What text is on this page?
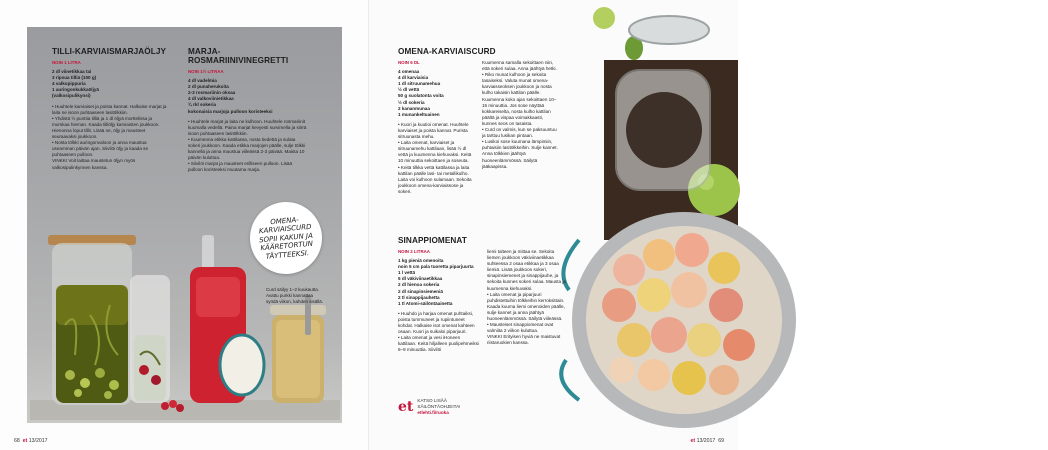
TILLI-KARVIAISMARJAÖLJY
NOIN 1 LITRA
2 dl viinetikkaa tai
3 ripsua tilliä (100 g)
4 valkopippuria
1 auringonkukkaöljyä
(valkosipulikynsi)

• Huuhtele karviaiset ja poista kannat. Halkaise marjat ja laita ne isoon puhtaaseen lasitölkkiin.

• Yhdistä ½ punttia tilliä ja 1 dl öljyä morttelissa ja murskaa hieman. Kaada tilliöljy karviaisten joukkoon. Hienonna loput tillit. Lisää ne, öljy ja mausteet seuraavaksi joukkoon.

• Nosta tölkki auringonvaloon ja anna maustua useamman päivän ajan. Siivilöi öljy ja kaada se puhtaaseen pulloon.

VINKKI Voit laittaa maustetun öljyn myös valkosipulinkynnen kanssa.

MARJA-ROSMARIINIVINEGRETTI
NOIN 1½ LITRAA
4 dl vadelmia
2 dl punaherukoita
2-3 rosmariinin oksaa
4 dl valkoviinietikkaa
¾ rkl sokeria
kokonaisia marjoja pulloon koristeeksi

• Huuhtele marjat ja laita ne kulhoon. Huuhtele rosmariinit kuumalla vedellä. Paina marjat kevyesti survimella ja siirrä isoon puhtaaseen lasitölkkiin.

• Kuumenna etikka kattilassa, nosta tiedettä ja sulata sokeri joukkoon. Kaada etikka marjojen päälle, sulje tölkki kannella ja anna maustua viileässä 2-3 päivää. Maista 10 päivän kuluttua.

• Siivilöi marjat ja mausteet erilliseen pulloon. Lisää pulloon koristeeksi muutama marja.

OMENA-KARVIAISCURD SOPII KAKUN JA KÄÄRETORTUN TÄYTTEEKSI.
Curd säilyy 1–2 kuukautta. Avattu purkki kannattaa syödä viikon, kahden sisällä.
68 et 13/2017
Tarjoile sinappiomenat liha- ja kalaruokien tai kasvisruokien lisukkeena.
OMENA-KARVIAISCURD
NOIN 6 DL
4 omenaa
4 dl karviaisia
1 dl sitruunamehua
½ dl vettä
50 g suolatonta voita
½ dl sokeria
2 kananmunaa
1 munankeltuainen

• Kuori ja kuutioi omenat. Huuhtele karviaiset ja poista kannat. Purista sitruunasta mehu.

• Laita omenat, karviaiset ja sitruunamehu kattilaan, lisää ½ dl vettä ja kuumenna kiehuvaksi. Keitä 10 minuuttia sekoittaen ja soseuta.

• Keitä tilkka vettä kattilassa ja laita kattilan päälle lasi- tai metallikulho. Laita voi kulhoon sulamaan. Sekoita joukkoon omena-karviaissose ja sokeri.

Kuumenna samalla sekoittaen niin, että sokeri sulaa. Anna jäähtyä hetki.

• Riko munat kulhoon ja sekoita tasaiseksi. Valuta munat omena-karviaisseoksen joukkoon ja nosta kulho takaisin kattilan päälle. Kuumenna koko ajan sekoittaen 10–15 minuuttia. Jos sose näyttää kokkareiselta, nosta kulho kattilan päältä ja vispaa voimakkaasti, kunnes seos on tasaista.

• Curd on valmis, kun se paksuuntuu ja tarttuu lusikan pintaan.

• Lusikoi sose kuumana lämpimiin, puhtaisiin lasitölkkeihin. Sulje kannet. Anna tölkkien jäähtyä huoneenlämmössä. Säilytä jääkaapissa.

SINAPPIOMENAT
NOIN 2 LITRAA
1 kg pieniä omenoita
noin 5 cm pala tuoretta piparjuurta
1 l vettä
5 dl väkiviinaetikkaa
2 dl hienoa sokeria
2 dl sinapinsiemeniä
2 tl sinappijauhetta
1 tl Atomi-säilöntäainetta

• Huuhdo ja harjaa omenat puhtaiksi, poista tummuneet ja rupiintuneet kohdat. Halkaise isot omenat kahteen osaan. Kuori ja suikaloi piparjuuri.

• Laita omenat ja vesi iHoneen kattilaan. Keitä hiljalleen puolipehmeiksi 5–8 minuuttia. Siivilöi

liemi talteen ja mittaa se. Sekoita liemen joukkoon väkiviinaetikkaa suhteessa 2 osaa etikkaa ja 3 osaa liemiä. Lisää joukkoon sokeri, sinapinsiemenet ja sinappijauhe, ja sekoita kunnes sokeri sulaa. Mausta ja kuumenna kiehuvaksi.

• Laita omenat ja piparjuuri puhdistettuihin tölkkeihin kerroksittain. Kaada kuuma liemi omenoiden päälle, sulje kannet ja anna jäähtyä huoneenlämmössä. Säilytä viileässä.

• Mausteiset sinappiomenat ovat valmiita 2 viikon kuluttua.

VINKKI Erityisen hyviä ne maistuvat riistaruokien kanssa.

et KATSO LISÄÄ
SÄILÖNTÄOHJEITA!
etlehti.fi/ruoka
et 13/2017 69
